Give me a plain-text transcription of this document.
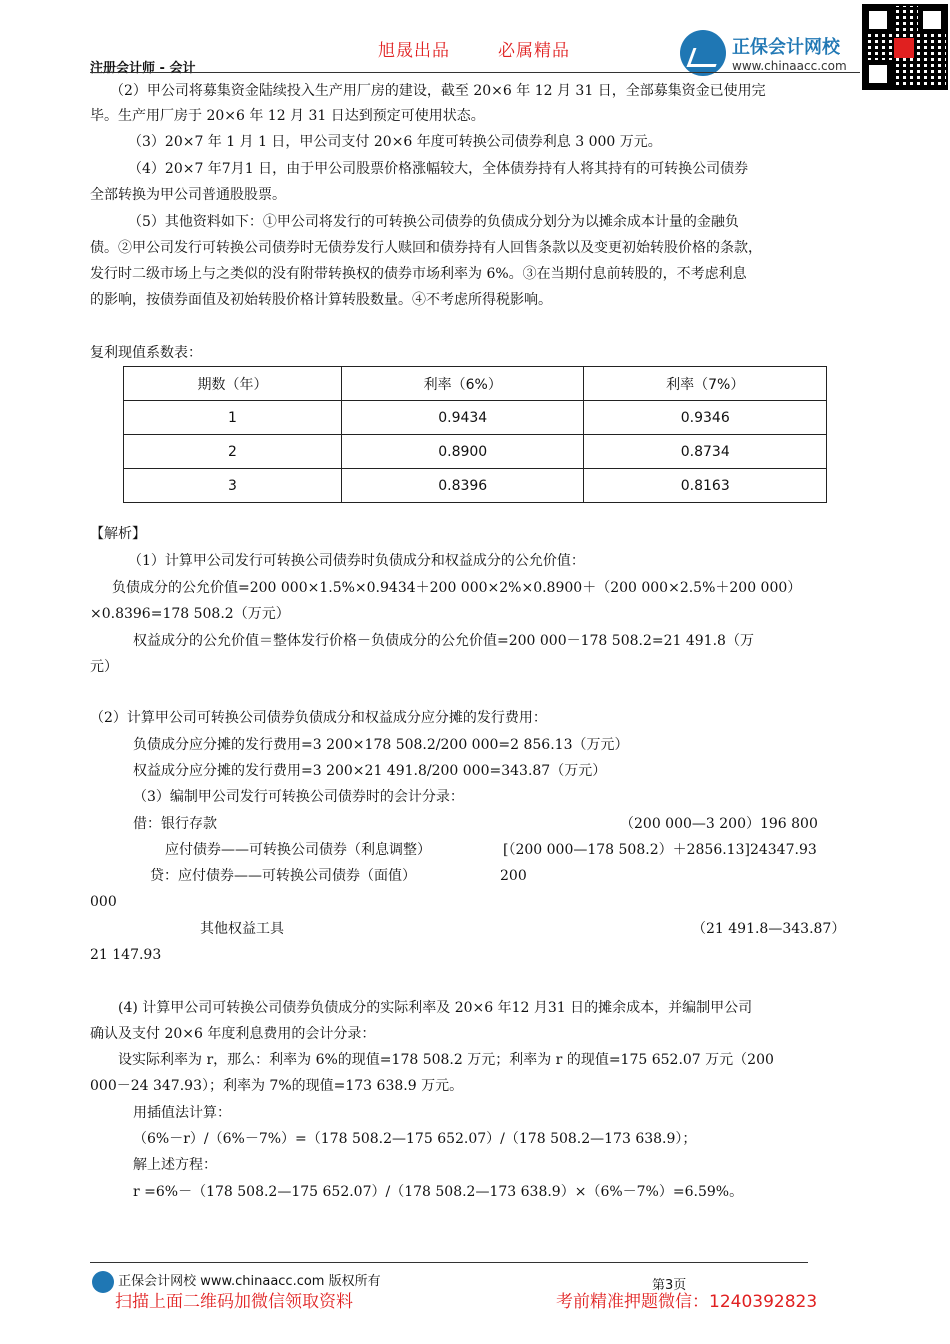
旭晟出品	必属精品
注册会计师 - 会计
正保会计网校
www.chinaacc.com
（2）甲公司将募集资金陆续投入生产用厂房的建设，截至 20×6 年 12 月 31 日，全部募集资金已使用完
毕。生产用厂房于 20×6 年 12 月 31 日达到预定可使用状态。
（3）20×7 年 1 月 1 日，甲公司支付 20×6 年度可转换公司债券利息 3 000 万元。
（4）20×7 年7月1 日，由于甲公司股票价格涨幅较大，全体债券持有人将其持有的可转换公司债券
全部转换为甲公司普通股股票。
（5）其他资料如下：①甲公司将发行的可转换公司债券的负债成分划分为以摊余成本计量的金融负
债。②甲公司发行可转换公司债券时无债券发行人赎回和债券持有人回售条款以及变更初始转股价格的条款，
发行时二级市场上与之类似的没有附带转换权的债券市场利率为 6%。③在当期付息前转股的，不考虑利息
的影响，按债券面值及初始转股价格计算转股数量。④不考虑所得税影响。
复利现值系数表：
期数（年）	利率（6%）	利率（7%）
1	0.9434	0.9346
2	0.8900	0.8734
3	0.8396	0.8163
【解析】
（1）计算甲公司发行可转换公司债券时负债成分和权益成分的公允价值：
负债成分的公允价值=200 000×1.5%×0.9434＋200 000×2%×0.8900＋（200 000×2.5%＋200 000）
×0.8396=178 508.2（万元）
权益成分的公允价值＝整体发行价格－负债成分的公允价值=200 000－178 508.2=21 491.8（万
元）
（2）计算甲公司可转换公司债券负债成分和权益成分应分摊的发行费用：
负债成分应分摊的发行费用=3 200×178 508.2/200 000=2 856.13（万元）
权益成分应分摊的发行费用=3 200×21 491.8/200 000=343.87（万元）
（3）编制甲公司发行可转换公司债券时的会计分录：
借：银行存款	（200 000—3 200）196 800
应付债券——可转换公司债券（利息调整）	[（200 000—178 508.2）＋2856.13]24347.93
贷：应付债券——可转换公司债券（面值）	200
000
其他权益工具	（21 491.8—343.87）
21 147.93
(4) 计算甲公司可转换公司债券负债成分的实际利率及 20×6 年12 月31 日的摊余成本，并编制甲公司
确认及支付 20×6 年度利息费用的会计分录：
设实际利率为 r，那么：利率为 6%的现值=178 508.2 万元；利率为 r 的现值=175 652.07 万元（200
000－24 347.93）；利率为 7%的现值=173 638.9 万元。
用插值法计算：
（6%－r）/（6%－7%）=（178 508.2—175 652.07）/（178 508.2—173 638.9）；
解上述方程：
r =6%－（178 508.2—175 652.07）/（178 508.2—173 638.9）×（6%－7%）=6.59%。
正保会计网校 www.chinaacc.com 版权所有	第3页
扫描上面二维码加微信领取资料	考前精准押题微信：1240392823
